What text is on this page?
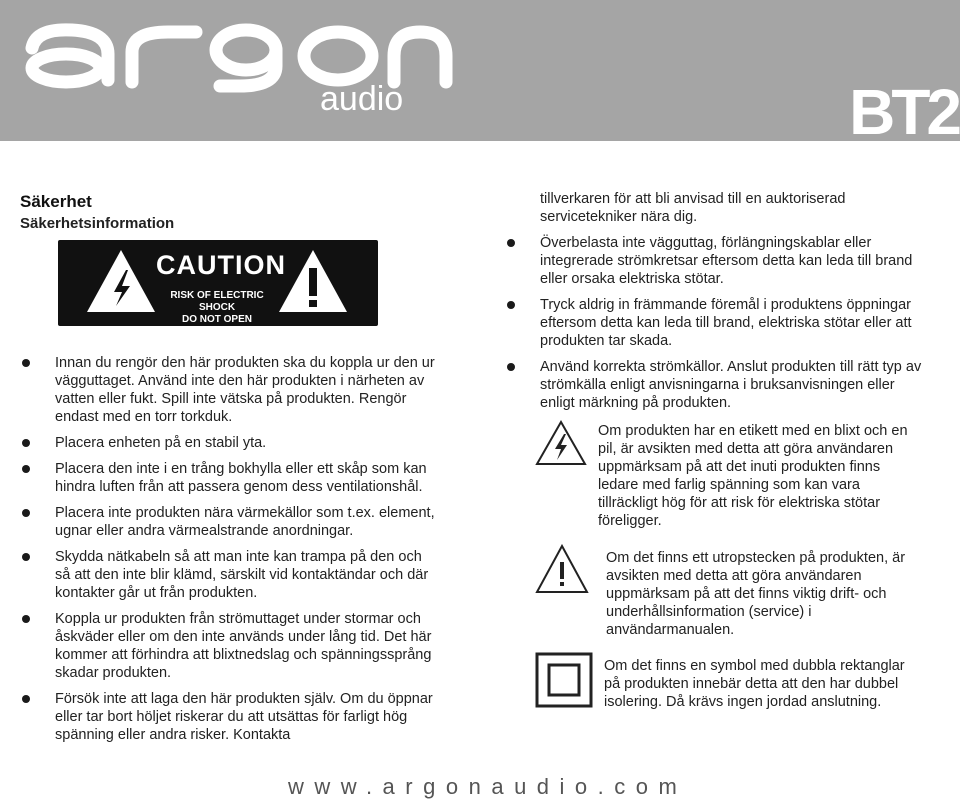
audio	BT2
Säkerhet
Säkerhetsinformation
CAUTION
RISK OF ELECTRIC SHOCK
DO NOT OPEN
Innan du rengör den här produkten ska du koppla ur den ur vägguttaget. Använd inte den här produkten i närheten av vatten eller fukt. Spill inte vätska på produkten. Rengör endast med en torr torkduk.
Placera enheten på en stabil yta.
Placera den inte i en trång bokhylla eller ett skåp som kan hindra luften från att passera genom dess ventilationshål.
Placera inte produkten nära värmekällor som t.ex. element, ugnar eller andra värmealstrande anordningar.
Skydda nätkabeln så att man inte kan trampa på den och så att den inte blir klämd, särskilt vid kontaktändar och där kontakter går ut från produkten.
Koppla ur produkten från strömuttaget under stormar och åskväder eller om den inte används under lång tid. Det här kommer att förhindra att blixtnedslag och spänningssprång skadar produkten.
Försök inte att laga den här produkten själv. Om du öppnar eller tar bort höljet riskerar du att utsättas för farligt hög spänning eller andra risker. Kontakta

tillverkaren för att bli anvisad till en auktoriserad servicetekniker nära dig.

Överbelasta inte vägguttag, förlängningskablar eller integrerade strömkretsar eftersom detta kan leda till brand eller orsaka elektriska stötar.
Tryck aldrig in främmande föremål i produktens öppningar eftersom detta kan leda till brand, elektriska stötar eller att produkten tar skada.
Använd korrekta strömkällor. Anslut produkten till rätt typ av strömkälla enligt anvisningarna i bruksanvisningen eller enligt märkning på produkten.

Om produkten har en etikett med en blixt och en pil, är avsikten med detta att göra användaren uppmärksam på att det inuti produkten finns ledare med farlig spänning som kan vara tillräckligt hög för att risk för elektriska stötar föreligger.

Om det finns ett utropstecken på produkten, är avsikten med detta att göra användaren uppmärksam på att det finns viktig drift- och underhållsinformation (service) i användarmanualen.

Om det finns en symbol med dubbla rektanglar på produkten innebär detta att den har dubbel isolering. Då krävs ingen jordad anslutning.

www.argonaudio.com
